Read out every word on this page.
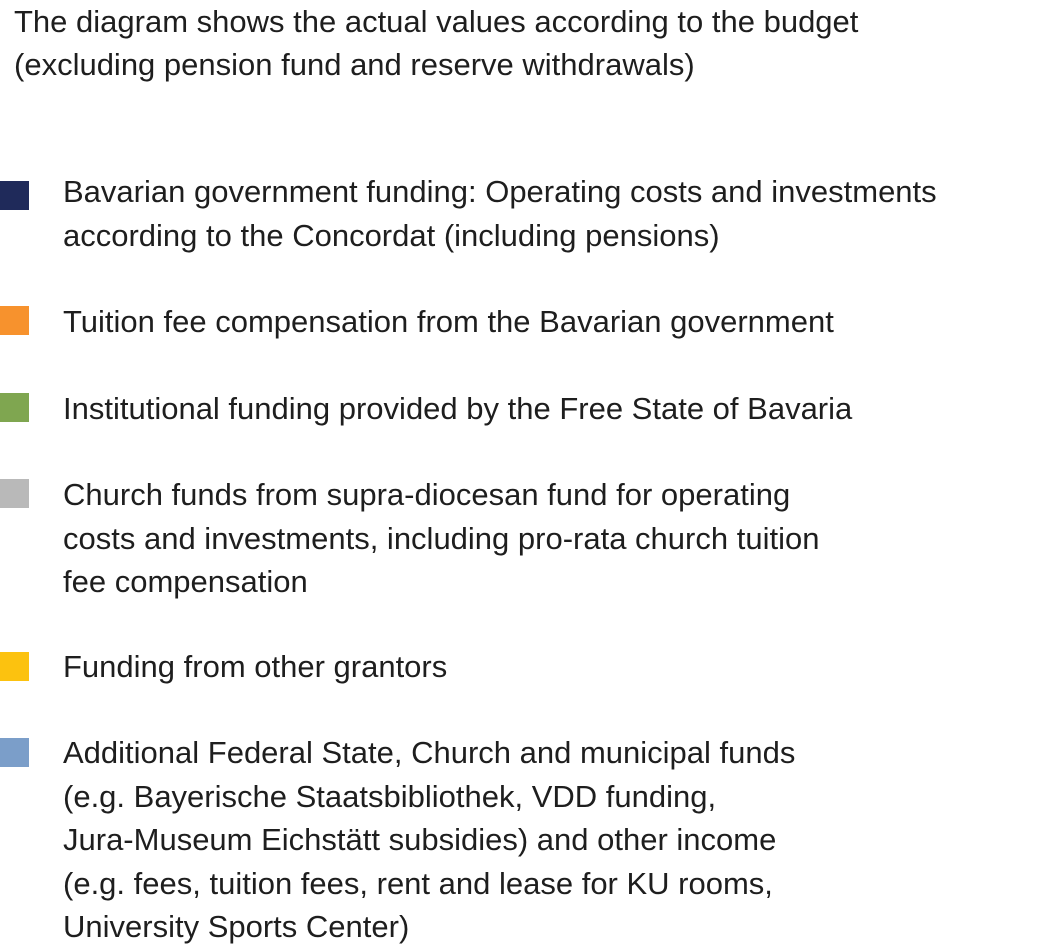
The diagram shows the actual values according to the budget
(excluding pension fund and reserve withdrawals)
Bavarian government funding: Operating costs and investments
according to the Concordat (including pensions)
Tuition fee compensation from the Bavarian government
Institutional funding provided by the Free State of Bavaria
Church funds from supra-diocesan fund for operating
costs and investments, including pro-rata church tuition
fee compensation
Funding from other grantors
Additional Federal State, Church and municipal funds
(e.g. Bayerische Staatsbibliothek, VDD funding,
Jura-Museum Eichstätt subsidies) and other income
(e.g. fees, tuition fees, rent and lease for KU rooms,
University Sports Center)
